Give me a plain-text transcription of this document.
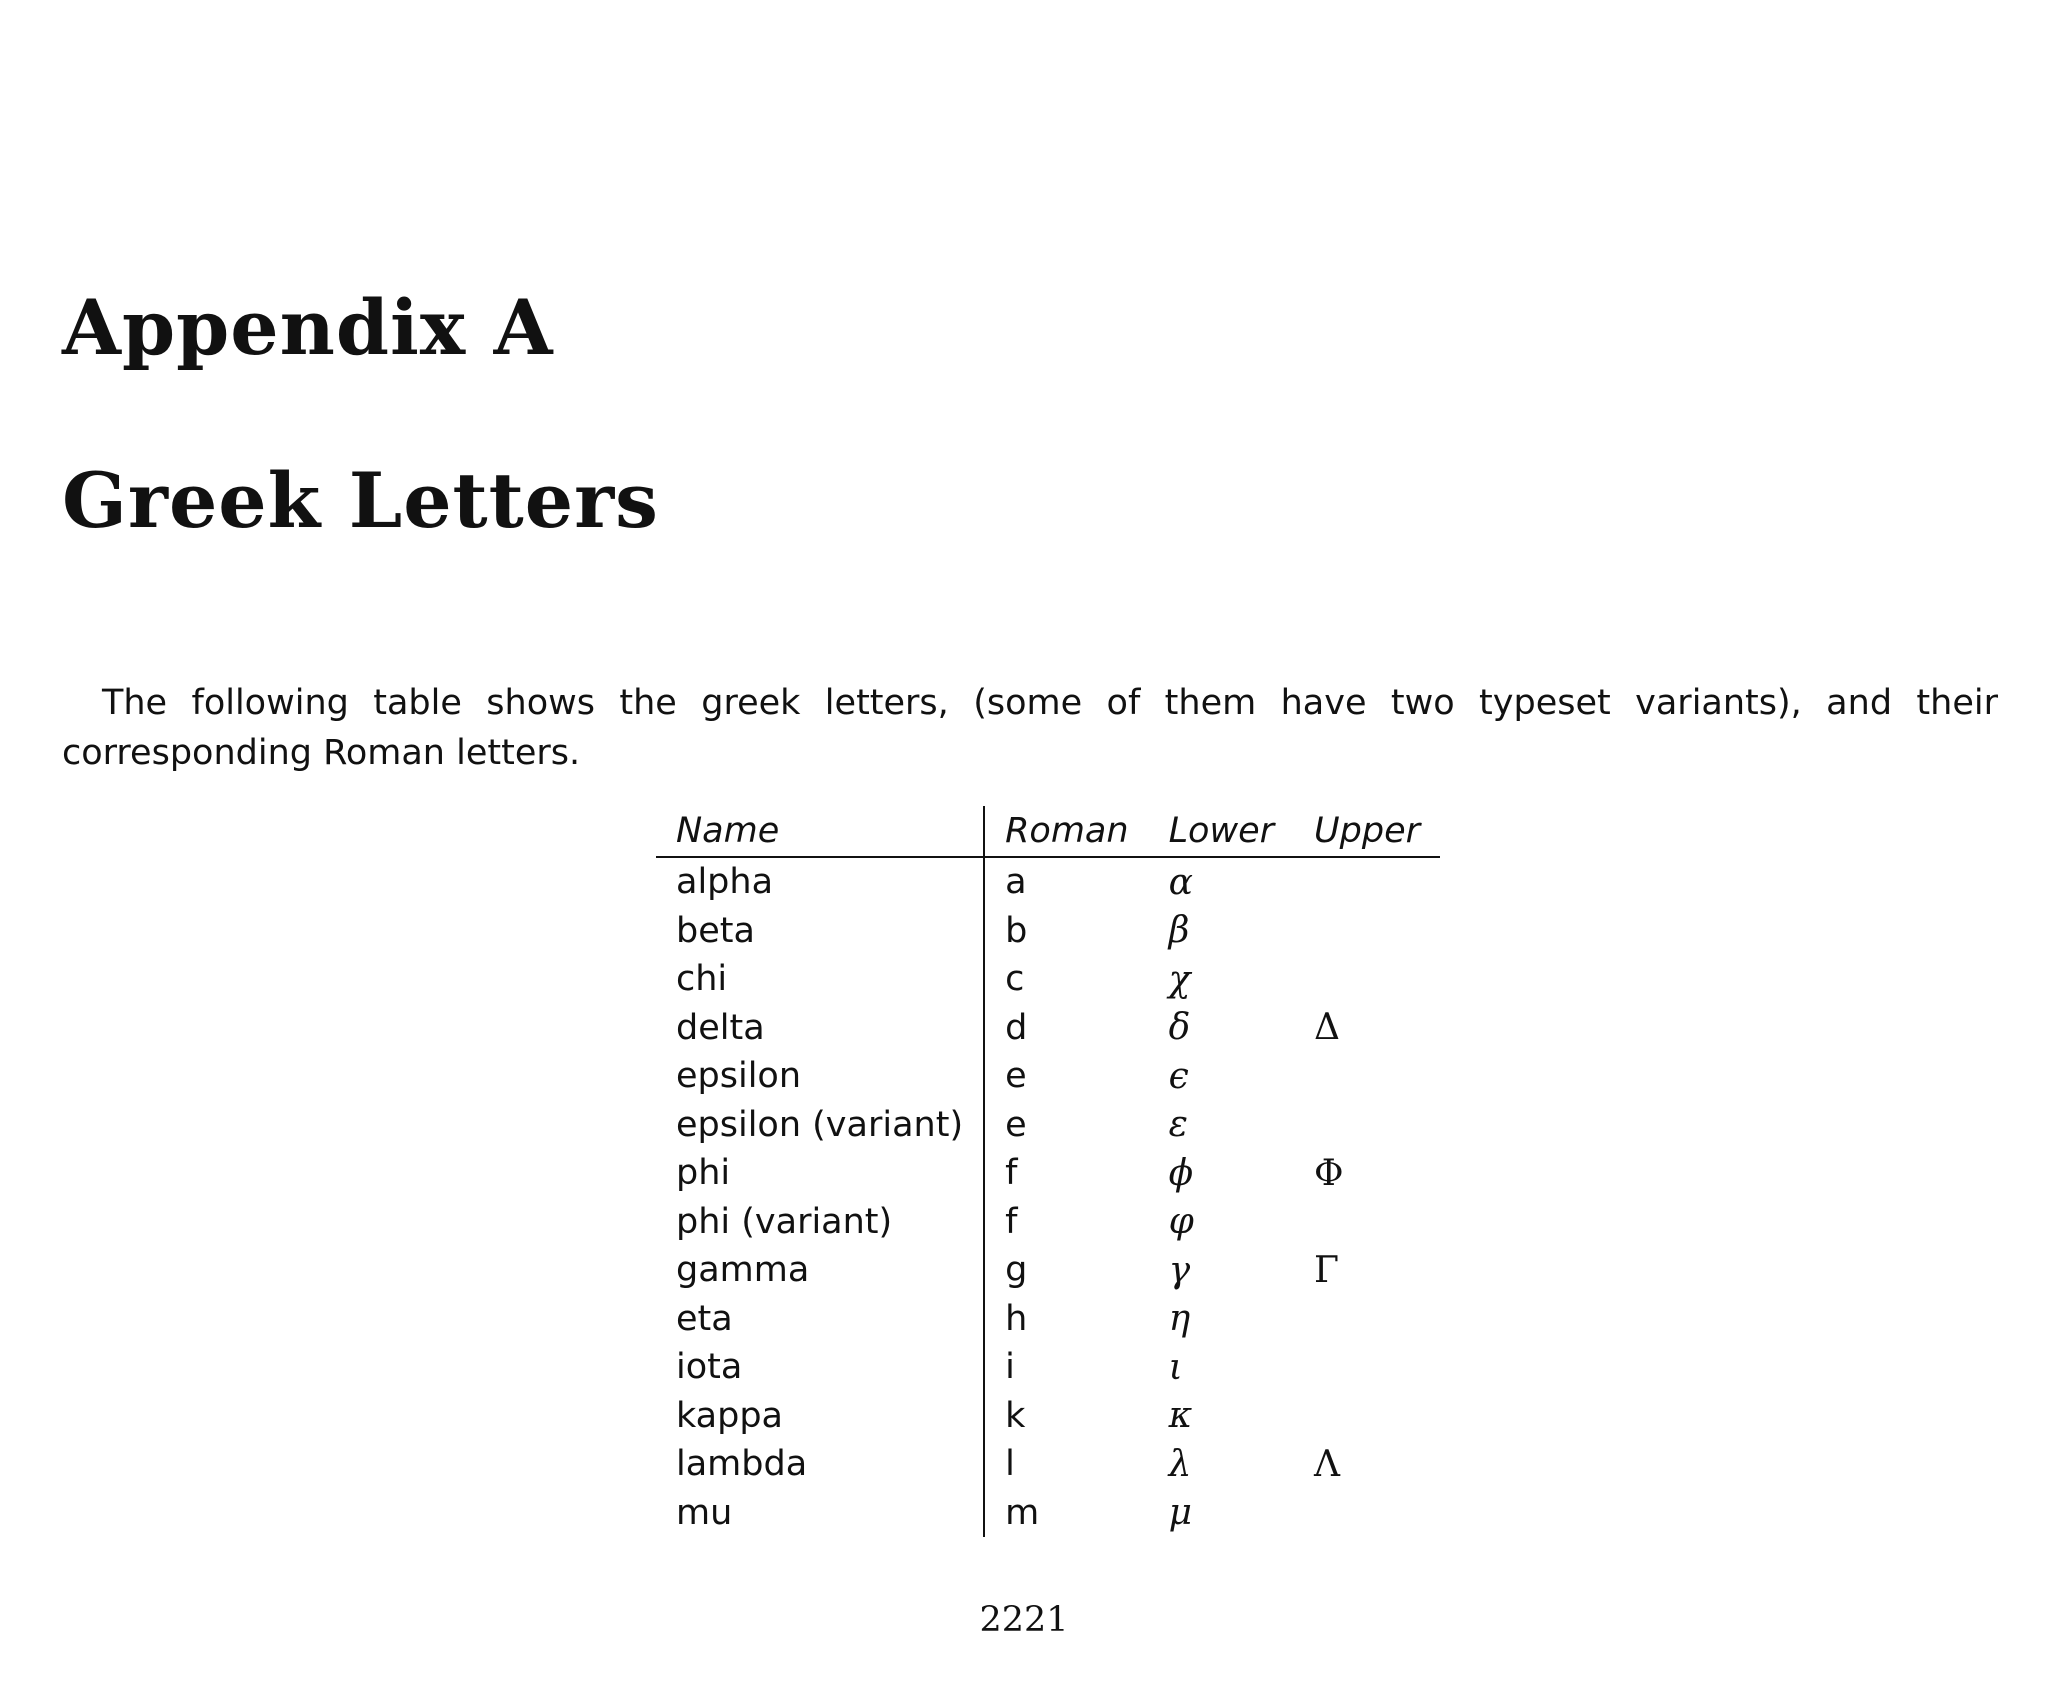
Appendix A
Greek Letters

The following table shows the greek letters, (some of them have two typeset variants), and their corresponding Roman letters.

Name	Roman	Lower	Upper
alpha	a	α	
beta	b	β	
chi	c	χ	
delta	d	δ	Δ
epsilon	e	ϵ	
epsilon (variant)	e	ε	
phi	f	ϕ	Φ
phi (variant)	f	φ	
gamma	g	γ	Γ
eta	h	η	
iota	i	ι	
kappa	k	κ	
lambda	l	λ	Λ
mu	m	μ	
2221
